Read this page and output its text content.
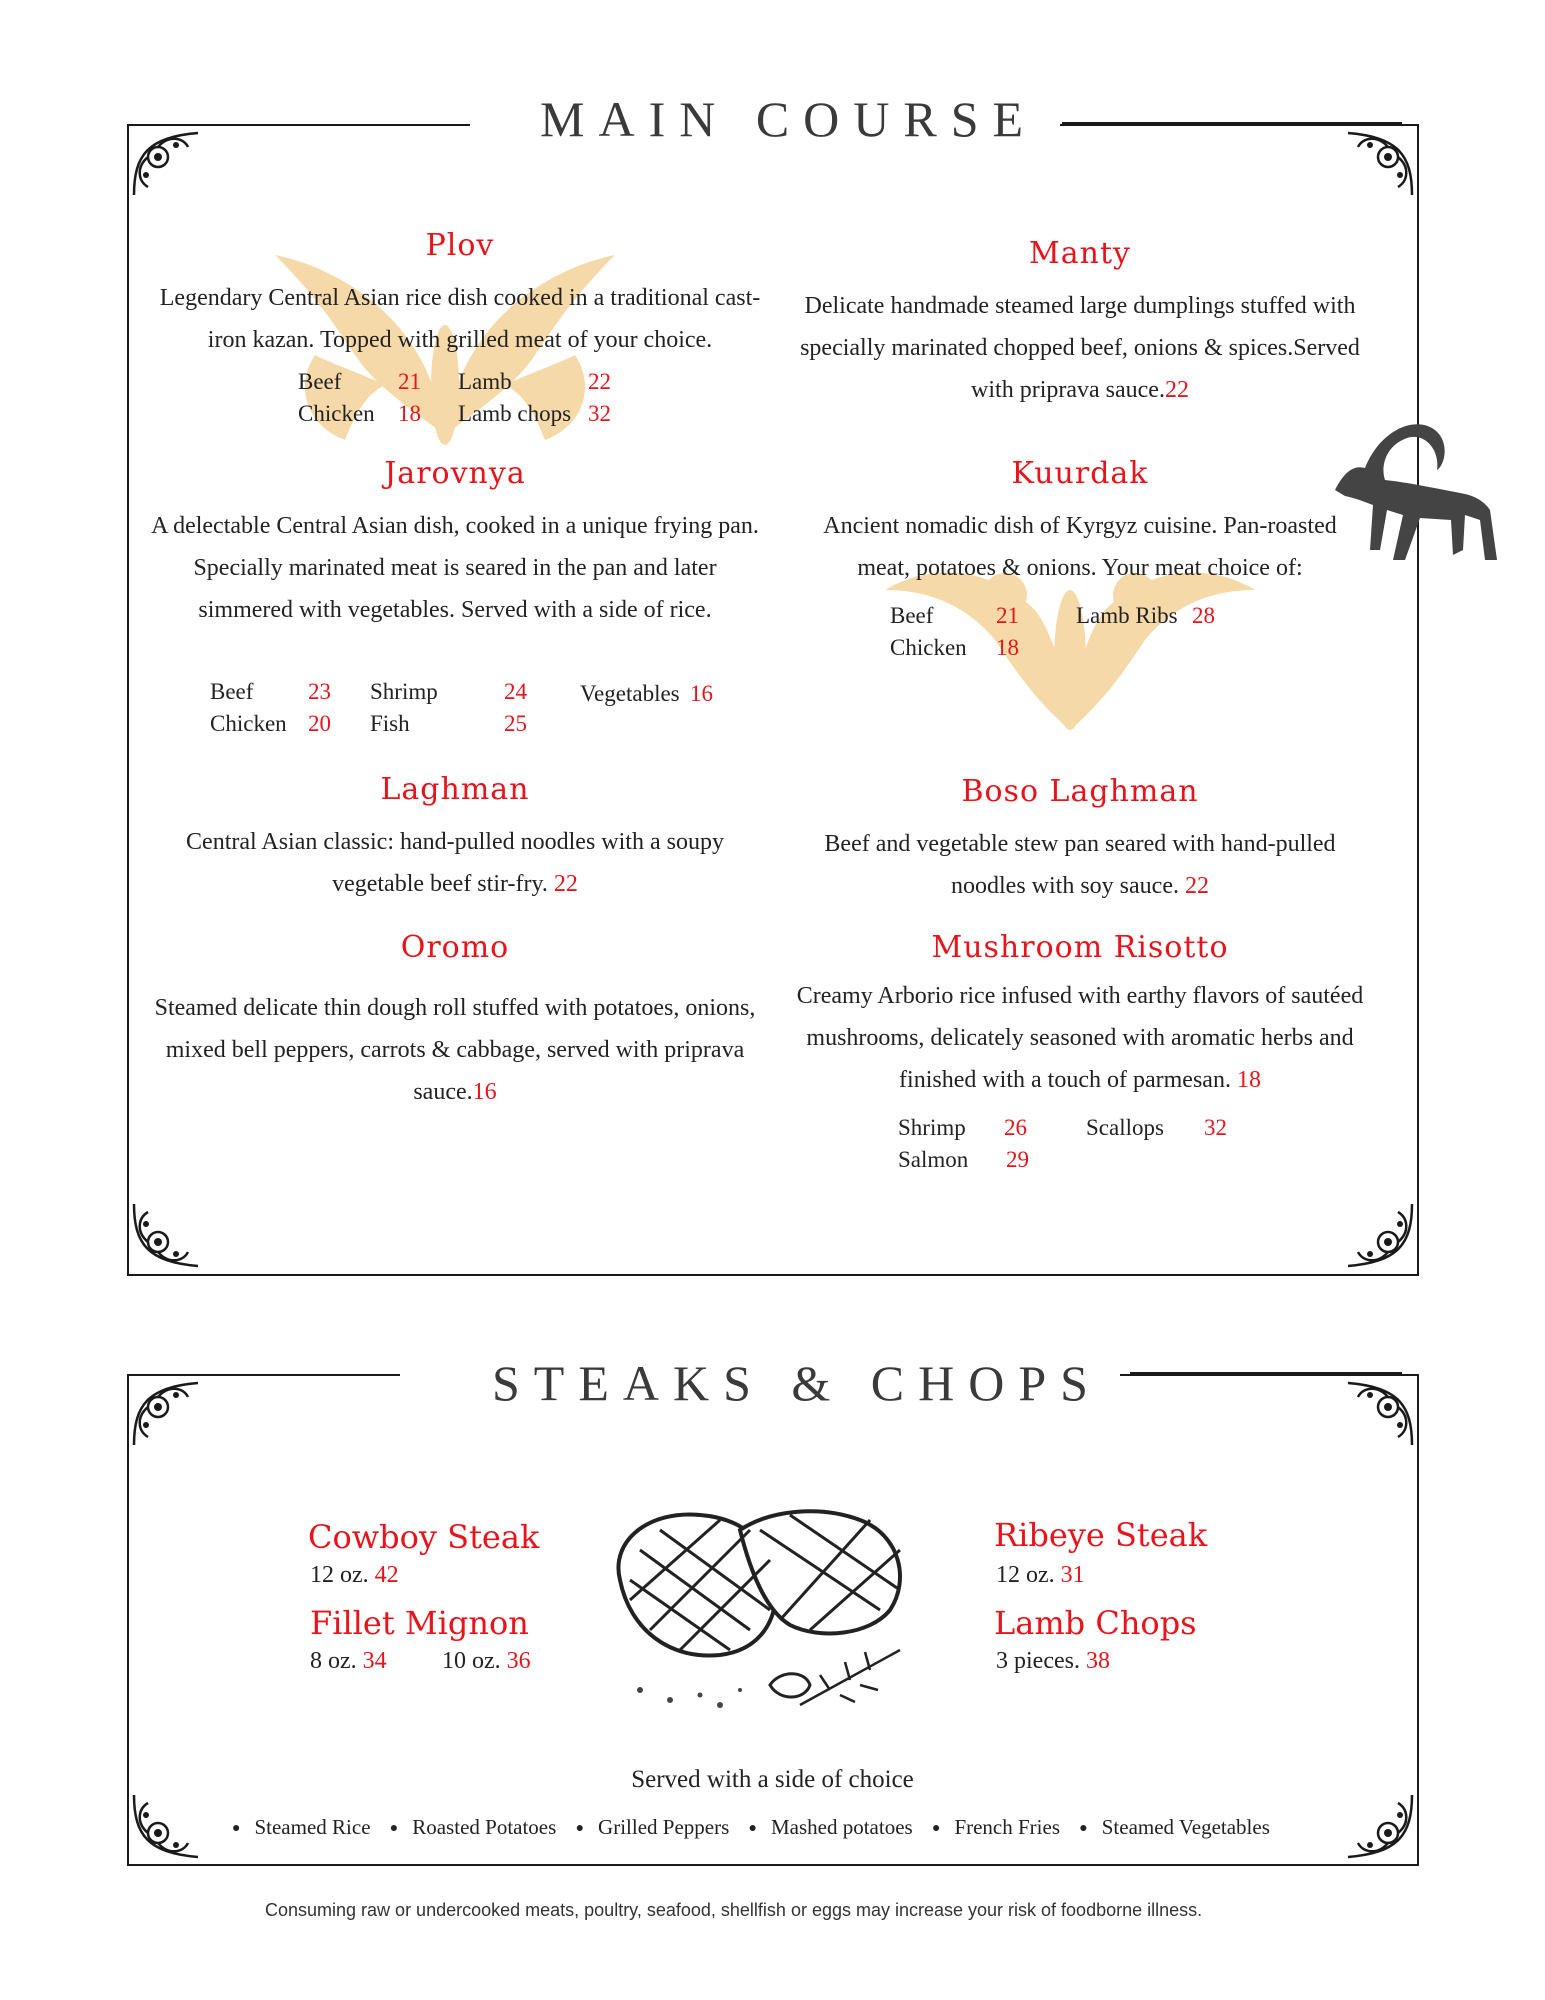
MAIN COURSE
Plov
Legendary Central Asian rice dish cooked in a traditional cast-iron kazan. Topped with grilled meat of your choice.
Beef 21 Lamb	22
Chicken 18 Lamb chops 32
Manty
Delicate handmade steamed large dumplings stuffed with specially marinated chopped beef, onions & spices.Served with priprava sauce.22
Jarovnya
A delectable Central Asian dish, cooked in a unique frying pan. Specially marinated meat is seared in the pan and later simmered with vegetables. Served with a side of rice.
Beef 23 Shrimp	24 Vegetables 16
Chicken 20 Fish	25
Kuurdak
Ancient nomadic dish of Kyrgyz cuisine. Pan-roasted meat, potatoes & onions. Your meat choice of:
Beef	21 Lamb Ribs 28
Chicken 18
Laghman
Central Asian classic: hand-pulled noodles with a soupy vegetable beef stir-fry. 22
Boso Laghman
Beef and vegetable stew pan seared with hand-pulled noodles with soy sauce. 22
Oromo
Steamed delicate thin dough roll stuffed with potatoes, onions, mixed bell peppers, carrots & cabbage, served with priprava sauce.16
Mushroom Risotto
Creamy Arborio rice infused with earthy flavors of sautéed mushrooms, delicately seasoned with aromatic herbs and finished with a touch of parmesan. 18
Shrimp 26	Scallops 32
Salmon 29
STEAKS & CHOPS
Cowboy Steak
12 oz. 42
Fillet Mignon
8 oz. 34 10 oz. 36
Ribeye Steak
12 oz. 31
Lamb Chops
3 pieces. 38
Served with a side of choice
● Steamed Rice ● Roasted Potatoes ● Grilled Peppers ● Mashed potatoes ● French Fries ● Steamed Vegetables
Consuming raw or undercooked meats, poultry, seafood, shellfish or eggs may increase your risk of foodborne illness.
